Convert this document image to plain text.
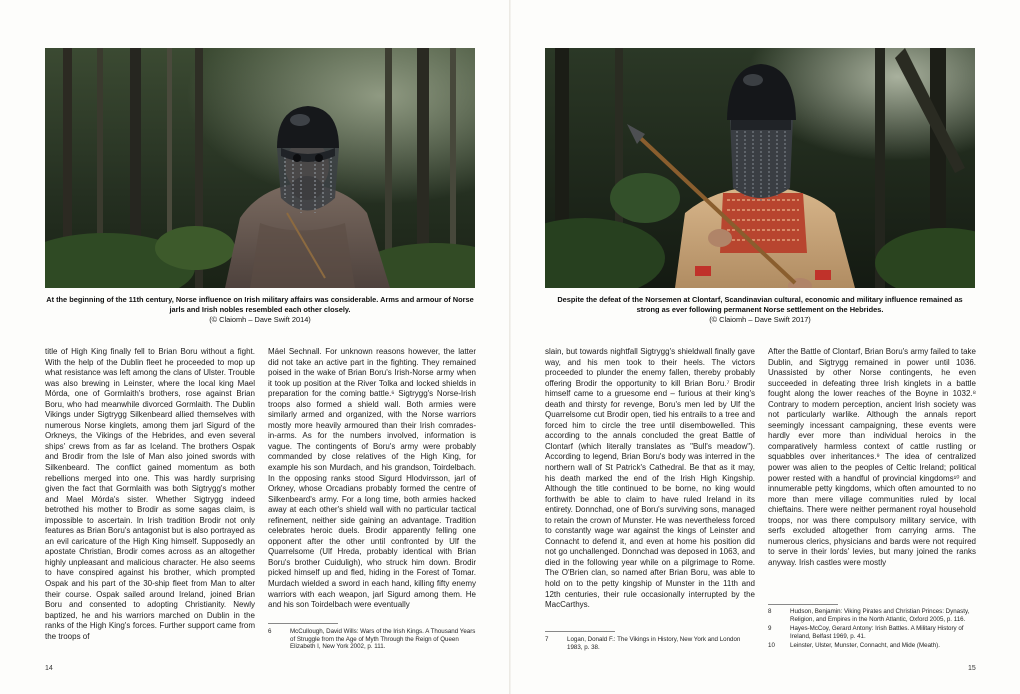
At the beginning of the 11th century, Norse influence on Irish military affairs was considerable. Arms and armour of Norse jarls and Irish nobles resembled each other closely.
(© Claiomh – Dave Swift 2014)
Despite the defeat of the Norsemen at Clontarf, Scandinavian cultural, economic and military influence remained as strong as ever following permanent Norse settlement on the Hebrides.
(© Claiomh – Dave Swift 2017)

title of High King finally fell to Brian Boru without a fight. With the help of the Dublin fleet he proceeded to mop up what resistance was left among the clans of Ulster. Trouble was also brewing in Leinster, where the local king Mael Mórda, one of Gormlaith's brothers, rose against Brian Boru, who had meanwhile divorced Gormlaith. The Dublin Vikings under Sigtrygg Silkenbeard allied themselves with numerous Norse kinglets, among them jarl Sigurd of the Orkneys, the Vikings of the Hebrides, and even several ships' crews from as far as Iceland. The brothers Ospak and Brodir from the Isle of Man also joined swords with Silkenbeard. The conflict gained momentum as both rebellions merged into one. This was hardly surprising given the fact that Gormlaith was both Sigtrygg's mother and Mael Mórda's sister. Whether Sigtrygg indeed betrothed his mother to Brodir as some sagas claim, is impossible to ascertain. In Irish tradition Brodir not only features as Brian Boru's antagonist but is also portrayed as an evil caricature of the High King himself. Supposedly an apostate Christian, Brodir comes across as an altogether highly unpleasant and malicious character. He also seems to have conspired against his brother, which prompted Ospak and his part of the 30-ship fleet from Man to alter their course. Ospak sailed around Ireland, joined Brian Boru and consented to adopting Christianity. Newly baptized, he and his warriors marched on Dublin in the ranks of the High King's forces. Further support came from the troops of

Máel Sechnall. For unknown reasons however, the latter did not take an active part in the fighting. They remained poised in the wake of Brian Boru's Irish-Norse army when it took up position at the River Tolka and locked shields in preparation for the coming battle.⁶ Sigtrygg's Norse-Irish troops also formed a shield wall. Both armies were similarly armed and organized, with the Norse warriors mostly more heavily armoured than their Irish comrades-in-arms. As for the numbers involved, information is vague. The contingents of Boru's army were probably commanded by close relatives of the High King, for example his son Murdach, and his grandson, Toirdelbach. In the opposing ranks stood Sigurd Hlodvirsson, jarl of Orkney, whose Orcadians probably formed the centre of Silkenbeard's army. For a long time, both armies hacked away at each other's shield wall with no particular tactical refinement, neither side gaining an advantage. Tradition celebrates heroic duels. Brodir apparently felling one opponent after the other until confronted by Ulf the Quarrelsome (Ulf Hreda, probably identical with Brian Boru's brother Cuiduligh), who struck him down. Brodir picked himself up and fled, hiding in the Forest of Tomar. Murdach wielded a sword in each hand, killing fifty enemy warriors with each weapon, jarl Sigurd among them. He and his son Toirdelbach were eventually

slain, but towards nightfall Sigtrygg's shieldwall finally gave way, and his men took to their heels. The victors proceeded to plunder the enemy fallen, thereby probably offering Brodir the opportunity to kill Brian Boru.⁷ Brodir himself came to a gruesome end – furious at their king's death and thirsty for revenge, Boru's men led by Ulf the Quarrelsome cut Brodir open, tied his entrails to a tree and forced him to circle the tree until disembowelled. This according to the annals concluded the great Battle of Clontarf (which literally translates as "Bull's meadow"). According to legend, Brian Boru's body was interred in the northern wall of St Patrick's Cathedral. Be that as it may, his death marked the end of the Irish High Kingship. Although the title continued to be borne, no king would forthwith be able to claim to have ruled Ireland in its entirety. Donnchad, one of Boru's surviving sons, managed to retain the crown of Munster. He was nevertheless forced to constantly wage war against the kings of Leinster and Connacht to defend it, and even at home his position did not go unchallenged. Donnchad was deposed in 1063, and died in the following year while on a pilgrimage to Rome. The O'Brien clan, so named after Brian Boru, was able to hold on to the petty kingship of Munster in the 11th and 12th centuries, their rule occasionally interrupted by the MacCarthys.

After the Battle of Clontarf, Brian Boru's army failed to take Dublin, and Sigtrygg remained in power until 1036. Unassisted by other Norse contingents, he even succeeded in defeating three Irish kinglets in a battle fought along the lower reaches of the Boyne in 1032.⁸ Contrary to modern perception, ancient Irish society was not particularly warlike. Although the annals report seemingly incessant campaigning, these events were hardly ever more than individual heroics in the comparatively harmless context of cattle rustling or squabbles over inheritances.⁹ The idea of centralized power was alien to the peoples of Celtic Ireland; political power rested with a handful of provincial kingdoms¹⁰ and innumerable petty kingdoms, which often amounted to no more than mere village communities ruled by local chieftains. There were neither permanent royal household troops, nor was there compulsory military service, with serfs excluded altogether from carrying arms. The numerous clerics, physicians and bards were not required to serve in their lords' levies, but many joined the ranks anyway. Irish castles were mostly

6	McCullough, David Wills: Wars of the Irish Kings. A Thousand Years of Struggle from the Age of Myth Through the Reign of Queen Elizabeth I, New York 2002, p. 111.
7	Logan, Donald F.: The Vikings in History, New York and London 1983, p. 38.
8	Hudson, Benjamin: Viking Pirates and Christian Princes: Dynasty, Religion, and Empires in the North Atlantic, Oxford 2005, p. 116.
9	Hayes-McCoy, Gerard Antony: Irish Battles. A Military History of Ireland, Belfast 1969, p. 41.
10 Leinster, Ulster, Munster, Connacht, and Mide (Meath).
14	15
